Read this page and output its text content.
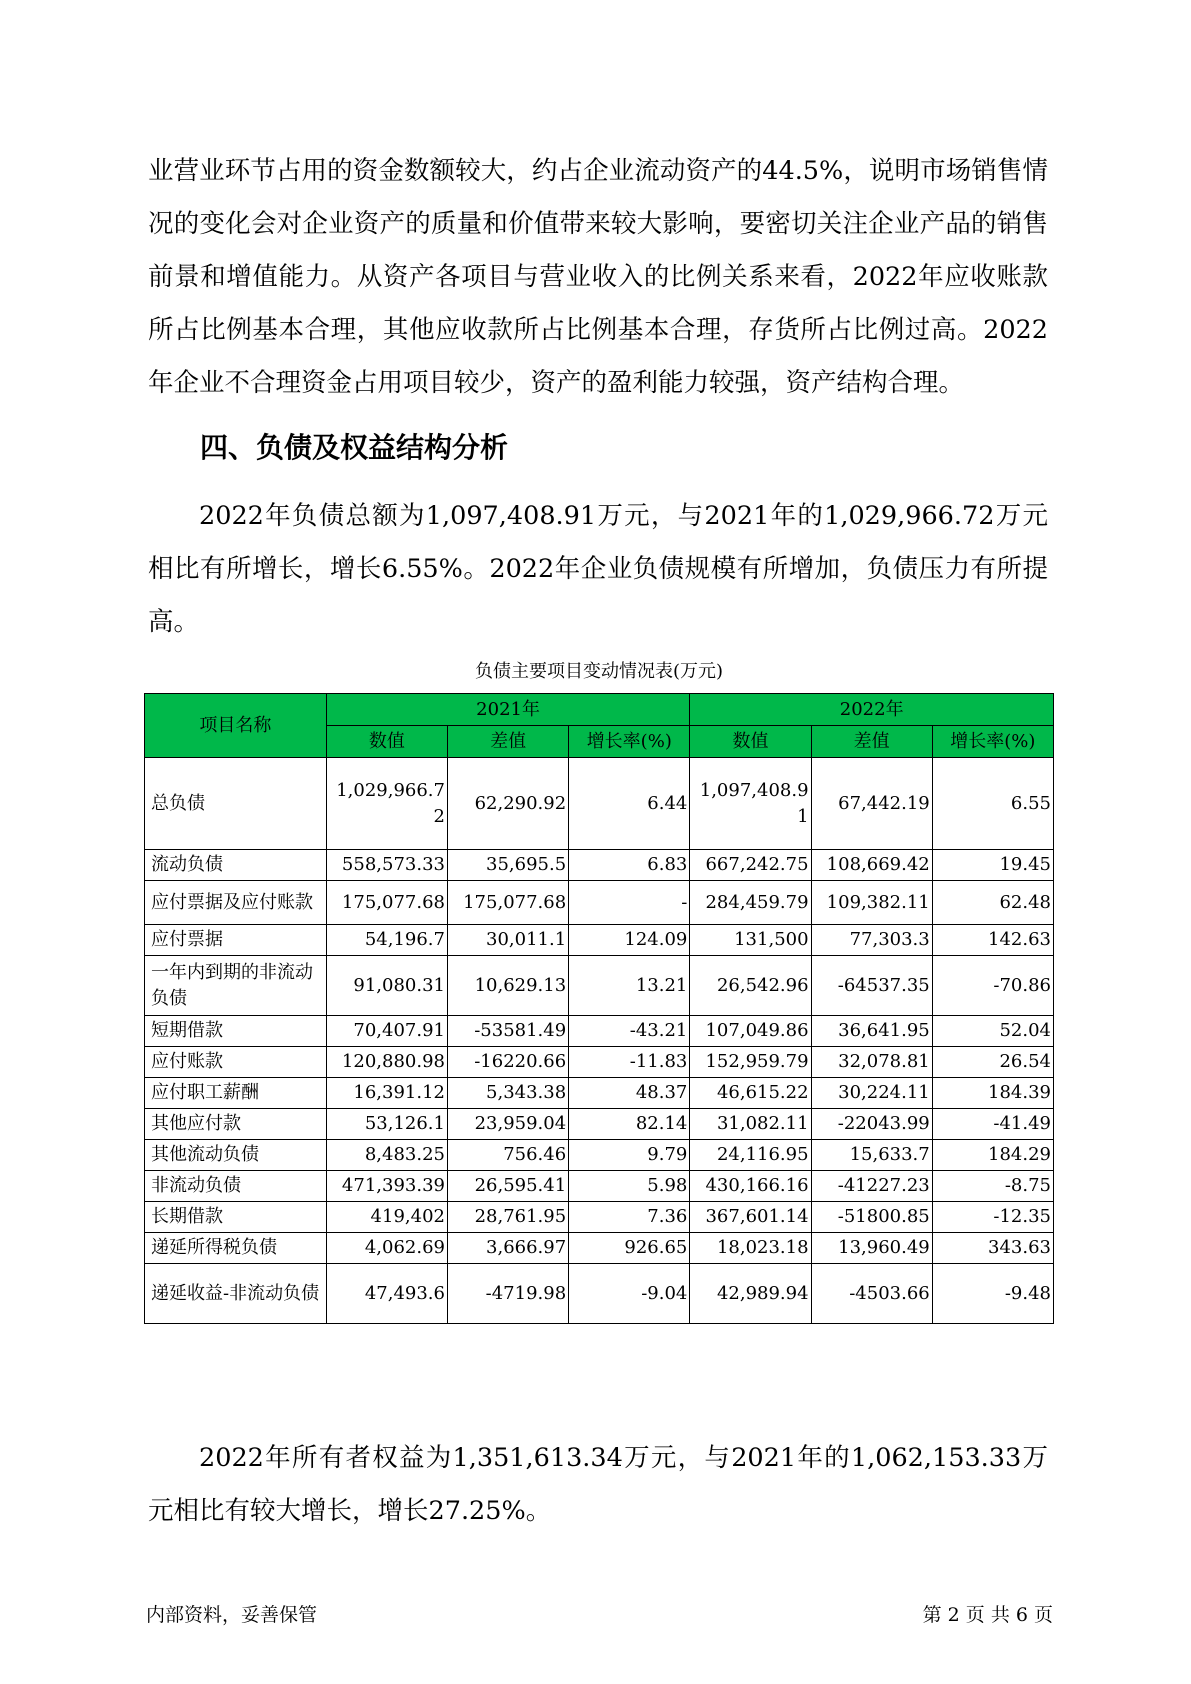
业营业环节占用的资金数额较大，约占企业流动资产的44.5%，说明市场销售情况的变化会对企业资产的质量和价值带来较大影响，要密切关注企业产品的销售前景和增值能力。从资产各项目与营业收入的比例关系来看，2022年应收账款所占比例基本合理，其他应收款所占比例基本合理，存货所占比例过高。2022年企业不合理资金占用项目较少，资产的盈利能力较强，资产结构合理。

四、负债及权益结构分析

2022年负债总额为1,097,408.91万元，与2021年的1,029,966.72万元相比有所增长，增长6.55%。2022年企业负债规模有所增加，负债压力有所提高。

负债主要项目变动情况表(万元)
项目名称	2021年			2022年		
	数值	差值	增长率(%)	数值	差值	增长率(%)
总负债	1,029,966.72	62,290.92	6.44	1,097,408.91	67,442.19	6.55
流动负债	558,573.33	35,695.5	6.83	667,242.75	108,669.42	19.45
应付票据及应付账款	175,077.68	175,077.68	-	284,459.79	109,382.11	62.48
应付票据	54,196.7	30,011.1	124.09	131,500	77,303.3	142.63
一年内到期的非流动负债	91,080.31	10,629.13	13.21	26,542.96	-64537.35	-70.86
短期借款	70,407.91	-53581.49	-43.21	107,049.86	36,641.95	52.04
应付账款	120,880.98	-16220.66	-11.83	152,959.79	32,078.81	26.54
应付职工薪酬	16,391.12	5,343.38	48.37	46,615.22	30,224.11	184.39
其他应付款	53,126.1	23,959.04	82.14	31,082.11	-22043.99	-41.49
其他流动负债	8,483.25	756.46	9.79	24,116.95	15,633.7	184.29
非流动负债	471,393.39	26,595.41	5.98	430,166.16	-41227.23	-8.75
长期借款	419,402	28,761.95	7.36	367,601.14	-51800.85	-12.35
递延所得税负债	4,062.69	3,666.97	926.65	18,023.18	13,960.49	343.63
递延收益-非流动负债	47,493.6	-4719.98	-9.04	42,989.94	-4503.66	-9.48

2022年所有者权益为1,351,613.34万元，与2021年的1,062,153.33万元相比有较大增长，增长27.25%。

内部资料，妥善保管	第 2 页 共 6 页
